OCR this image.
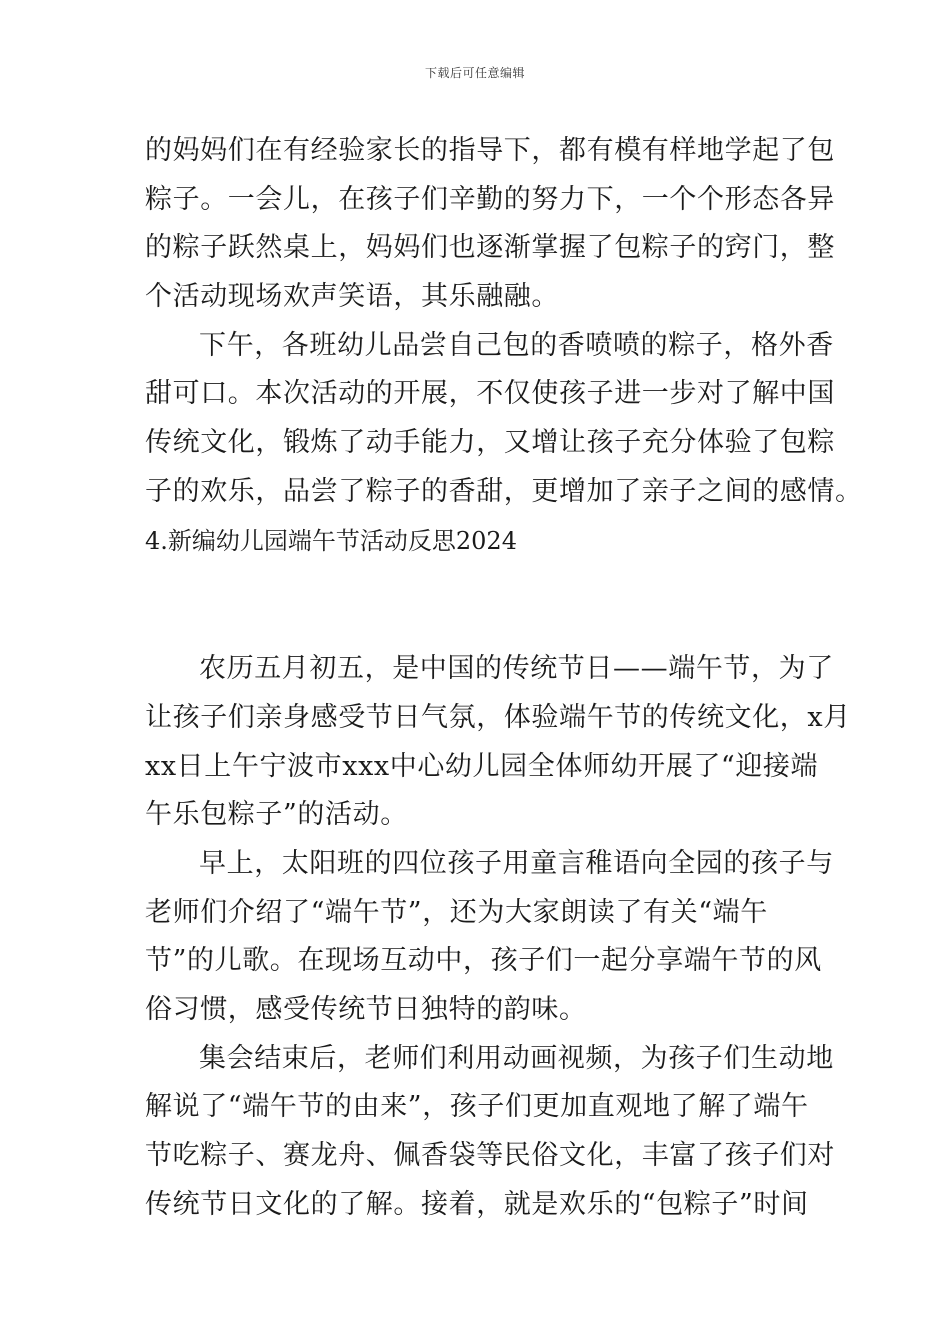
下载后可任意编辑
的妈妈们在有经验家长的指导下，都有模有样地学起了包
粽子。一会儿，在孩子们辛勤的努力下，一个个形态各异
的粽子跃然桌上，妈妈们也逐渐掌握了包粽子的窍门，整
个活动现场欢声笑语，其乐融融。
下午，各班幼儿品尝自己包的香喷喷的粽子，格外香
甜可口。本次活动的开展，不仅使孩子进一步对了解中国
传统文化，锻炼了动手能力，又增让孩子充分体验了包粽
子的欢乐，品尝了粽子的香甜，更增加了亲子之间的感情。
4.新编幼儿园端午节活动反思2024
农历五月初五，是中国的传统节日——端午节，为了
让孩子们亲身感受节日气氛，体验端午节的传统文化，x月
xx日上午宁波市xxx中心幼儿园全体师幼开展了“迎接端
午乐包粽子”的活动。
早上，太阳班的四位孩子用童言稚语向全园的孩子与
老师们介绍了“端午节”，还为大家朗读了有关“端午
节”的儿歌。在现场互动中，孩子们一起分享端午节的风
俗习惯，感受传统节日独特的韵味。
集会结束后，老师们利用动画视频，为孩子们生动地
解说了“端午节的由来”，孩子们更加直观地了解了端午
节吃粽子、赛龙舟、佩香袋等民俗文化，丰富了孩子们对
传统节日文化的了解。接着，就是欢乐的“包粽子”时间
